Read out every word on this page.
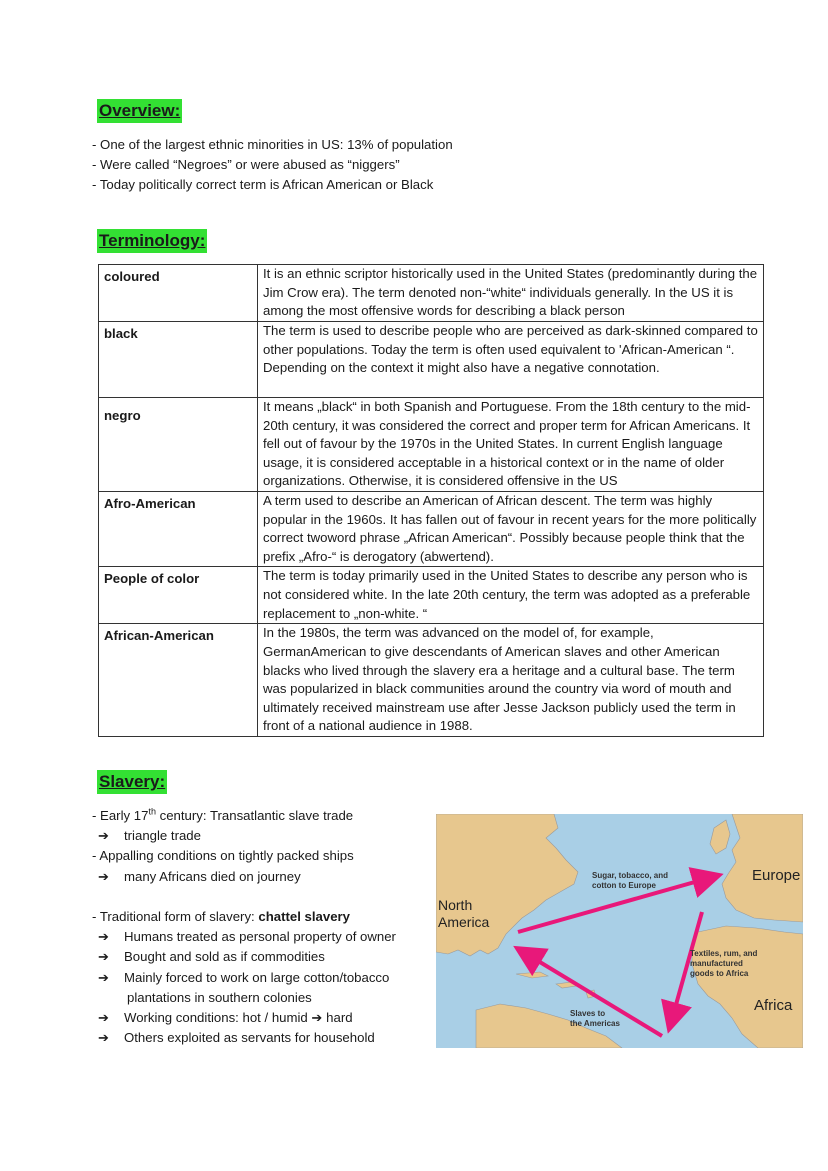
Overview:
- One of the largest ethnic minorities in US: 13% of population
- Were called “Negroes” or were abused as “niggers”
- Today politically correct term is African American or Black
Terminology:
coloured	It is an ethnic scriptor historically used in the United States (predominantly during the Jim Crow era). The term denoted non-“white“ individuals generally. In the US it is among the most offensive words for describing a black person
black	The term is used to describe people who are perceived as dark-skinned compared to other populations. Today the term is often used equivalent to 'African-American “. Depending on the context it might also have a negative connotation.
negro	It means „black“ in both Spanish and Portuguese. From the 18th century to the mid-20th century, it was considered the correct and proper term for African Americans. It fell out of favour by the 1970s in the United States. In current English language usage, it is considered acceptable in a historical context or in the name of older organizations. Otherwise, it is considered offensive in the US
Afro-American	A term used to describe an American of African descent. The term was highly popular in the 1960s. It has fallen out of favour in recent years for the more politically correct twoword phrase „African American“. Possibly because people think that the prefix „Afro-“ is derogatory (abwertend).
People of color	The term is today primarily used in the United States to describe any person who is not considered white. In the late 20th century, the term was adopted as a preferable replacement to „non-white. “
African-American	In the 1980s, the term was advanced on the model of, for example, GermanAmerican to give descendants of American slaves and other American blacks who lived through the slavery era a heritage and a cultural base. The term was popularized in black communities around the country via word of mouth and ultimately received mainstream use after Jesse Jackson publicly used the term in front of a national audience in 1988.
Slavery:
- Early 17th century: Transatlantic slave trade
➔ triangle trade
- Appalling conditions on tightly packed ships
➔ many Africans died on journey
- Traditional form of slavery: chattel slavery
➔ Humans treated as personal property of owner
➔ Bought and sold as if commodities
➔ Mainly forced to work on large cotton/tobacco
plantations in southern colonies
➔ Working conditions: hot / humid ➔ hard
➔ Others exploited as servants for household
North America
Europe
Africa
Sugar, tobacco, and cotton to Europe
Textiles, rum, and manufactured goods to Africa
Slaves to the Americas
